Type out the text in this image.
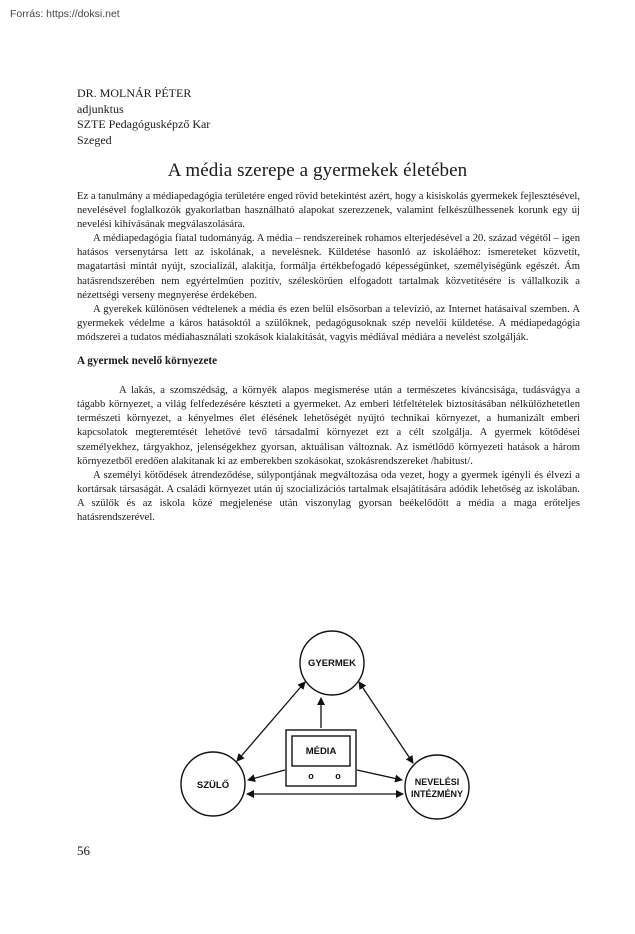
Forrás: https://doksi.net
DR. MOLNÁR PÉTER
adjunktus
SZTE Pedagógusképző Kar
Szeged
A média szerepe a gyermekek életében

Ez a tanulmány a médiapedagógia területére enged rövid betekintést azért, hogy a kisiskolás gyermekek fejlesztésével, nevelésével foglalkozók gyakorlatban használható alapokat szerezzenek, valamint felkészülhessenek korunk egy új nevelési kihívásának megválaszolására.

A médiapedagógia fiatal tudományág. A média – rendszereinek rohamos elterjedésével a 20. század végétől – igen hatásos versenytársa lett az iskolának, a nevelésnek. Küldetése hasonló az iskoláéhoz: ismereteket közvetít, magatartási mintát nyújt, szocializál, alakítja, formálja értékbefogadó képességünket, személyiségünk egészét. Ám hatásrendszerében nem egyértelműen pozitív, széleskörűen elfogadott tartalmak közvetítésére is vállalkozik a nézettségi verseny megnyerése érdekében.

A gyerekek különösen védtelenek a média és ezen belül elsősorban a televízió, az Internet hatásaival szemben. A gyermekek védelme a káros hatásoktól a szülőknek, pedagógusoknak szép nevelői küldetése. A médiapedagógia módszerei a tudatos médiahasználati szokások kialakítását, vagyis médiával médiára a nevelést szolgálják.

A gyermek nevelő környezete

A lakás, a szomszédság, a környék alapos megismerése után a természetes kíváncsisága, tudásvágya a tágabb környezet, a világ felfedezésére készteti a gyermeket. Az emberi létfeltételek biztosításában nélkülözhetetlen természeti környezet, a kényelmes élet élésének lehetőségét nyújtó technikai környezet, a humanizált emberi kapcsolatok megteremtését lehetővé tevő társadalmi környezet ezt a célt szolgálja. A gyermek kötődései személyekhez, tárgyakhoz, jelenségekhez gyorsan, aktuálisan változnak. Az ismétlődő környezeti hatások a három környezetből eredően alakítanak ki az emberekben szokásokat, szokásrendszereket /habitust/.

A személyi kötődések átrendeződése, súlypontjának megváltozása oda vezet, hogy a gyermek igényli és élvezi a kortársak társaságát. A családi környezet után új szocializációs tartalmak elsajátítására adódik lehetőség az iskolában. A szülők és az iskola közé megjelenése után viszonylag gyorsan beékelődött a média a maga erőteljes hatásrendszerével.

GYERMEK
SZÜLŐ	NEVELÉSI
INTÉZMÉNY
MÉDIA
o o
56
